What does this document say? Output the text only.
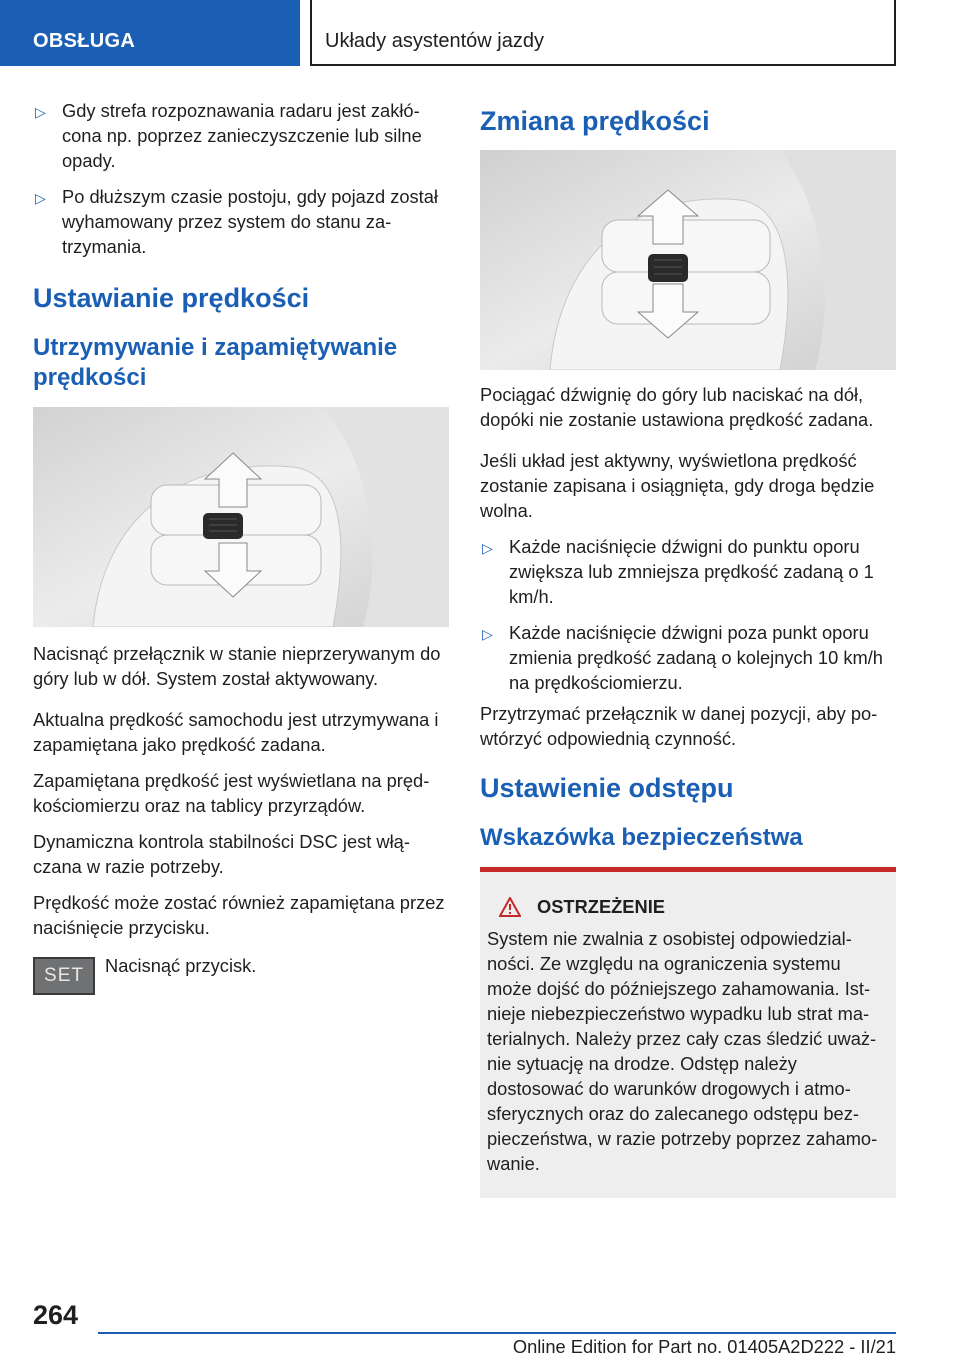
OBSŁUGA	Układy asystentów jazdy
▷ Gdy strefa rozpoznawania radaru jest zakłócona np. poprzez zanieczyszczenie lub silne opady.
▷ Po dłuższym czasie postoju, gdy pojazd został wyhamowany przez system do stanu zatrzymania.
Ustawianie prędkości
Utrzymywanie i zapamiętywanie prędkości

Nacisnąć przełącznik w stanie nieprzerywanym do góry lub w dół. System został aktywowany.

Aktualna prędkość samochodu jest utrzymywana i zapamiętana jako prędkość zadana.

Zapamiętana prędkość jest wyświetlana na prędkościomierzu oraz na tablicy przyrządów.

Dynamiczna kontrola stabilności DSC jest włączana w razie potrzeby.

Prędkość może zostać również zapamiętana przez naciśnięcie przycisku.

SET	Nacisnąć przycisk.

Zmiana prędkości

Pociągać dźwignię do góry lub naciskać na dół, dopóki nie zostanie ustawiona prędkość zadana.

Jeśli układ jest aktywny, wyświetlona prędkość zostanie zapisana i osiągnięta, gdy droga będzie wolna.

▷ Każde naciśnięcie dźwigni do punktu oporu zwiększa lub zmniejsza prędkość zadaną o 1 km/h.
▷ Każde naciśnięcie dźwigni poza punkt oporu zmienia prędkość zadaną o kolejnych 10 km/h na prędkościomierzu.

Przytrzymać przełącznik w danej pozycji, aby powtórzyć odpowiednią czynność.

Ustawienie odstępu
Wskazówka bezpieczeństwa
OSTRZEŻENIE

System nie zwalnia z osobistej odpowiedzialności. Ze względu na ograniczenia systemu może dojść do późniejszego zahamowania. Istnieje niebezpieczeństwo wypadku lub strat materialnych. Należy przez cały czas śledzić uważnie sytuację na drodze. Odstęp należy dostosować do warunków drogowych i atmosferycznych oraz do zalecanego odstępu bezpieczeństwa, w razie potrzeby poprzez zahamowanie.

264
Online Edition for Part no. 01405A2D222 - II/21
